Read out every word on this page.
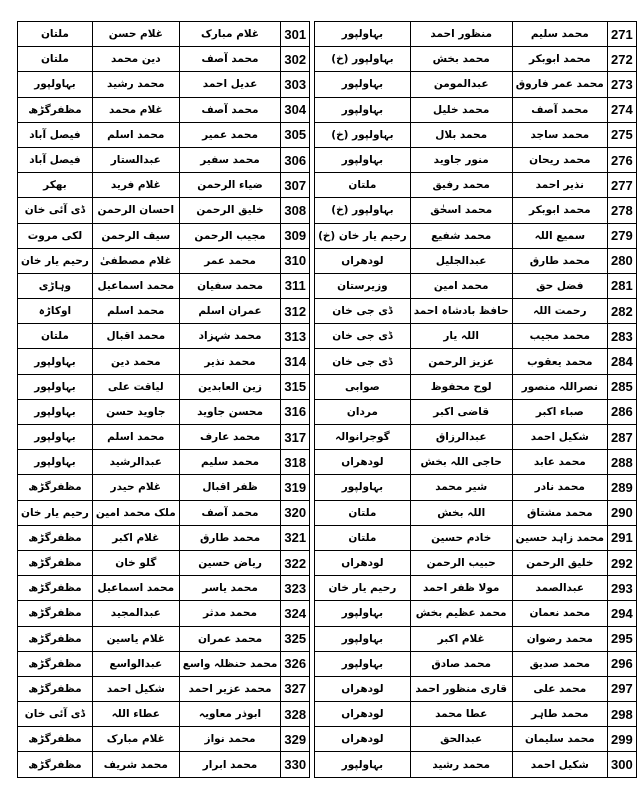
ملتان	غلام حسن	غلام مبارک	301
ملتان	دین محمد	محمد آصف	302
بہاولپور	محمد رشید	عدیل احمد	303
مظفرگڑھ	غلام محمد	محمد آصف	304
فیصل آباد	محمد اسلم	محمد عمیر	305
فیصل آباد	عبدالستار	محمد سفیر	306
بھکر	غلام فرید	ضیاء الرحمن	307
ڈی آئی خان	احسان الرحمن	خلیق الرحمن	308
لکی مروت	سیف الرحمن	مجیب الرحمن	309
رحیم یار خان	غلام مصطفیٰ	محمد عمر	310
وہاڑی	محمد اسماعیل	محمد سفیان	311
اوکاڑہ	محمد اسلم	عمران اسلم	312
ملتان	محمد اقبال	محمد شہزاد	313
بہاولپور	محمد دین	محمد نذیر	314
بہاولپور	لیاقت علی	زین العابدین	315
بہاولپور	جاوید حسن	محسن جاوید	316
بہاولپور	محمد اسلم	محمد عارف	317
بہاولپور	عبدالرشید	محمد سلیم	318
مظفرگڑھ	غلام حیدر	ظفر اقبال	319
رحیم یار خان	ملک محمد امین	محمد آصف	320
مظفرگڑھ	غلام اکبر	محمد طارق	321
مظفرگڑھ	گلو خان	ریاض حسین	322
مظفرگڑھ	محمد اسماعیل	محمد یاسر	323
مظفرگڑھ	عبدالمجید	محمد مدثر	324
مظفرگڑھ	غلام یاسین	محمد عمران	325
مظفرگڑھ	عبدالواسع	محمد حنظلہ واسع	326
مظفرگڑھ	شکیل احمد	محمد عزیر احمد	327
ڈی آئی خان	عطاء اللہ	ابوذر معاویہ	328
مظفرگڑھ	غلام مبارک	محمد نواز	329
مظفرگڑھ	محمد شریف	محمد ابرار	330
بہاولپور	منظور احمد	محمد سلیم	271
بہاولپور (خ)	محمد بخش	محمد ابوبکر	272
بہاولپور	عبدالمومن	محمد عمر فاروق	273
بہاولپور	محمد خلیل	محمد آصف	274
بہاولپور (خ)	محمد بلال	محمد ساجد	275
بہاولپور	منور جاوید	محمد ریحان	276
ملتان	محمد رفیق	نذیر احمد	277
بہاولپور (خ)	محمد اسحٰق	محمد ابوبکر	278
رحیم یار خان (خ)	محمد شفیع	سمیع اللہ	279
لودھراں	عبدالجلیل	محمد طارق	280
وزیرستان	محمد امین	فضل حق	281
ڈی جی خان	حافظ بادشاہ احمد	رحمت اللہ	282
ڈی جی خان	اللہ یار	محمد مجیب	283
ڈی جی خان	عزیز الرحمن	محمد یعقوب	284
صوابی	لوح محفوظ	نصراللہ منصور	285
مردان	قاضی اکبر	صباء اکبر	286
گوجرانوالہ	عبدالرزاق	شکیل احمد	287
لودھراں	حاجی اللہ بخش	محمد عابد	288
بہاولپور	شیر محمد	محمد نادر	289
ملتان	اللہ بخش	محمد مشتاق	290
ملتان	خادم حسین	محمد زاہد حسین	291
لودھراں	حبیب الرحمن	خلیق الرحمن	292
رحیم یار خان	مولا ظفر احمد	عبدالصمد	293
بہاولپور	محمد عظیم بخش	محمد نعمان	294
بہاولپور	غلام اکبر	محمد رضوان	295
بہاولپور	محمد صادق	محمد صدیق	296
لودھراں	قاری منظور احمد	محمد علی	297
لودھراں	عطا محمد	محمد طاہر	298
لودھراں	عبدالحق	محمد سلیمان	299
بہاولپور	محمد رشید	شکیل احمد	300
